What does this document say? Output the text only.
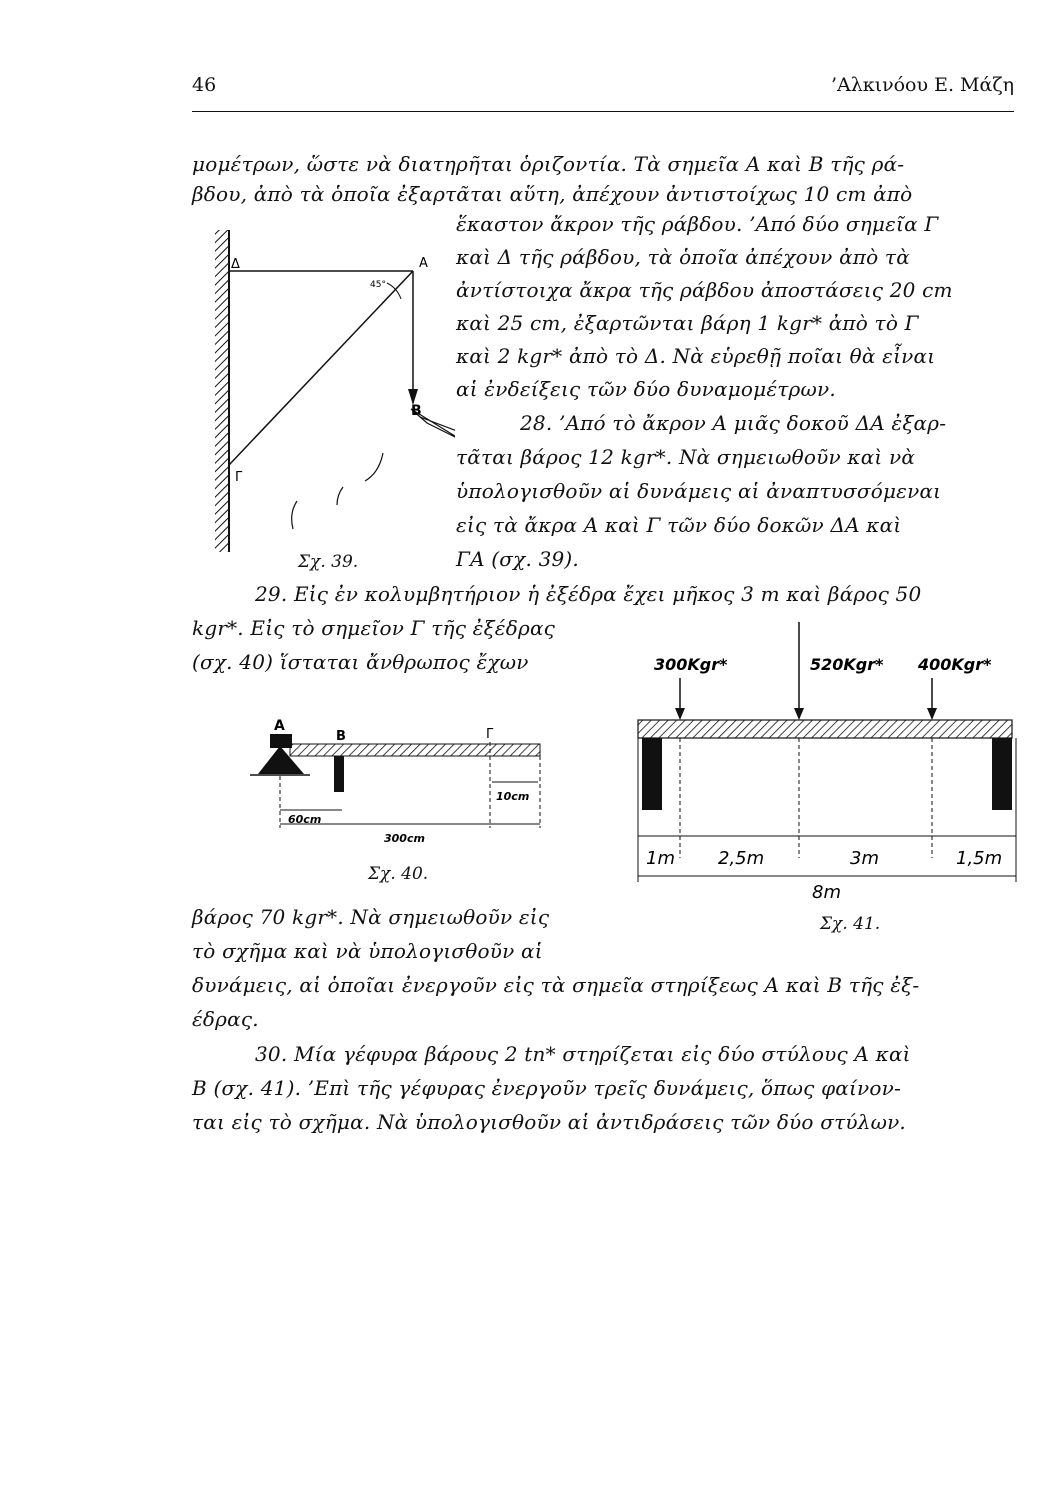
46	’Αλκινόου Ε. Μάζη
μομέτρων, ὥστε νὰ διατηρῆται ὁριζοντία. Τὰ σημεῖα Α καὶ Β τῆς ρά-
βδου, ἀπὸ τὰ ὁποῖα ἐξαρτᾶται αὕτη, ἀπέχουν ἀντιστοίχως 10 cm ἀπὸ
ἕκαστον ἄκρον τῆς ράβδου. ’Από δύο σημεῖα Γ
καὶ Δ τῆς ράβδου, τὰ ὁποῖα ἀπέχουν ἀπὸ τὰ
ἀντίστοιχα ἄκρα τῆς ράβδου ἀποστάσεις 20 cm
καὶ 25 cm, ἐξαρτῶνται βάρη 1 kgr* ἀπὸ τὸ Γ
καὶ 2 kgr* ἀπὸ τὸ Δ. Νὰ εὑρεθῇ ποῖαι θὰ εἶναι
αἱ ἐνδείξεις τῶν δύο δυναμομέτρων.
28. ’Από τὸ ἄκρον Α μιᾶς δοκοῦ ΔΑ ἐξαρ-
τᾶται βάρος 12 kgr*. Νὰ σημειωθοῦν καὶ νὰ
ὑπολογισθοῦν αἱ δυνάμεις αἱ ἀναπτυσσόμεναι
εἰς τὰ ἄκρα Α καὶ Γ τῶν δύο δοκῶν ΔΑ καὶ
ΓΑ (σχ. 39).
29. Εἰς ἐν κολυμβητήριον ἡ ἐξέδρα ἔχει μῆκος 3 m καὶ βάρος 50
kgr*. Εἰς τὸ σημεῖον Γ τῆς ἐξέδρας
(σχ. 40) ἵσταται ἄνθρωπος ἔχων
βάρος 70 kgr*. Νὰ σημειωθοῦν εἰς
τὸ σχῆμα καὶ νὰ ὑπολογισθοῦν αἱ
δυνάμεις, αἱ ὁποῖαι ἐνεργοῦν εἰς τὰ σημεῖα στηρίξεως Α καὶ Β τῆς ἐξ-
έδρας.
30. Μία γέφυρα βάρους 2 tn* στηρίζεται εἰς δύο στύλους Α καὶ
Β (σχ. 41). ’Επὶ τῆς γέφυρας ἐνεργοῦν τρεῖς δυνάμεις, ὅπως φαίνον-
ται εἰς τὸ σχῆμα. Νὰ ὑπολογισθοῦν αἱ ἀντιδράσεις τῶν δύο στύλων.
Δ	Α
Β
Γ
45°
Σχ. 39.
Α
Β	Γ
10cm
60cm
300cm
Σχ. 40.
300Kgr*	520Kgr* 400Kgr*
1m 2,5m	3m	1,5m
8m
Σχ. 41.
